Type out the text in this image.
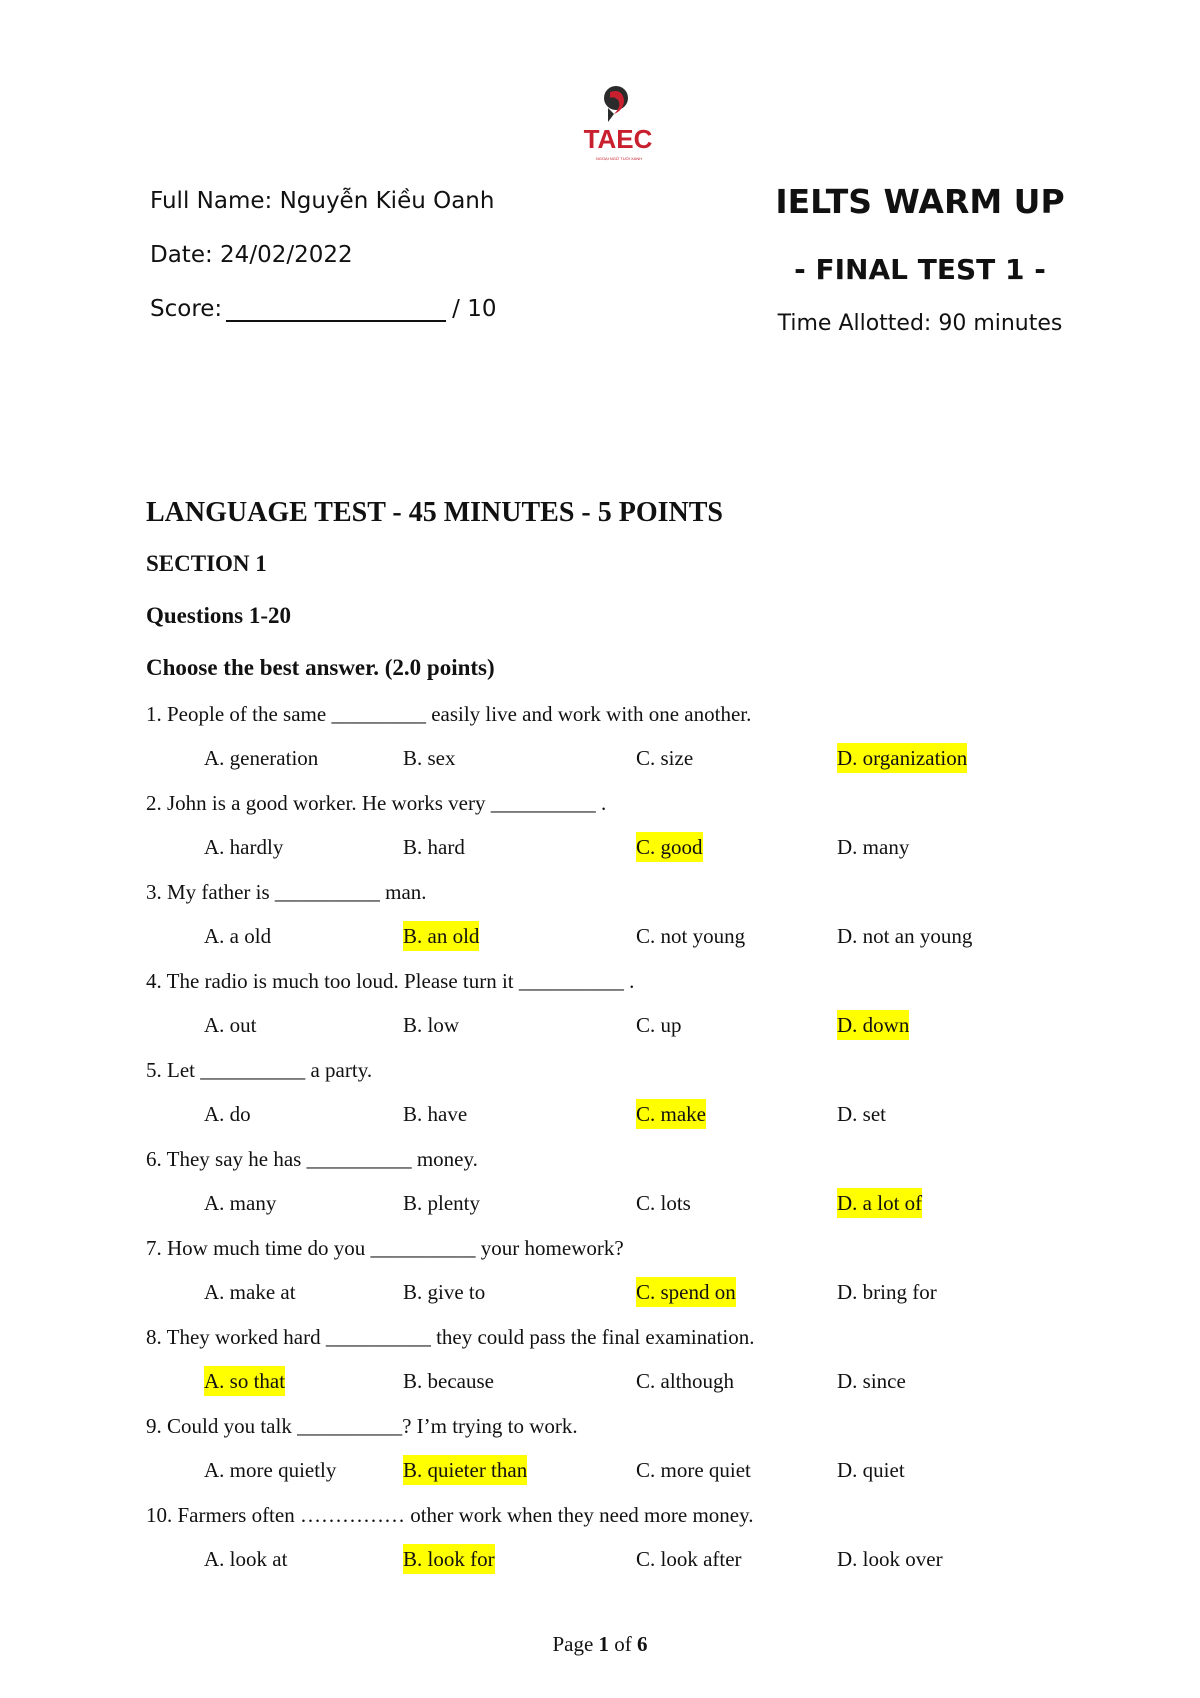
TAEC
NGOẠI NGỮ TUỔI XANH
Full Name: Nguyễn Kiều Oanh
Date: 24/02/2022
Score:	/ 10
IELTS WARM UP
- FINAL TEST 1 -
Time Allotted: 90 minutes
LANGUAGE TEST - 45 MINUTES - 5 POINTS
SECTION 1
Questions 1-20
Choose the best answer. (2.0 points)
1. People of the same _________ easily live and work with one another.
A. generation	B. sex	C. size	D. organization
2. John is a good worker. He works very __________ .
A. hardly	B. hard	C. good	D. many
3. My father is __________ man.
A. a old	B. an old	C. not young	D. not an young
4. The radio is much too loud. Please turn it __________ .
A. out	B. low	C. up	D. down
5. Let __________ a party.
A. do	B. have	C. make	D. set
6. They say he has __________ money.
A. many	B. plenty	C. lots	D. a lot of
7. How much time do you __________ your homework?
A. make at	B. give to	C. spend on	D. bring for
8. They worked hard __________ they could pass the final examination.
A. so that	B. because	C. although	D. since
9. Could you talk __________? I’m trying to work.
A. more quietly	B. quieter than	C. more quiet	D. quiet
10. Farmers often …………… other work when they need more money.
A. look at	B. look for	C. look after	D. look over
Page 1 of 6
